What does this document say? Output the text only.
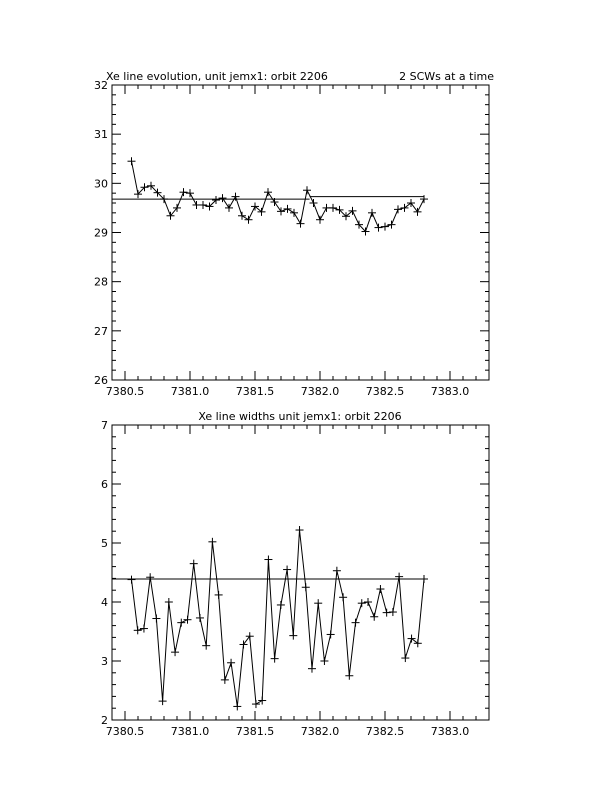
Xe line evolution, unit jemx1: orbit 2206	2 SCWs at a time
7380.5 7381.0 7381.5 7382.0 7382.5 7383.0
26
27
28
29
30
31
32
Xe line widths unit jemx1: orbit 2206
7380.5 7381.0 7381.5 7382.0 7382.5 7383.0
2
3
4
5
6
7
